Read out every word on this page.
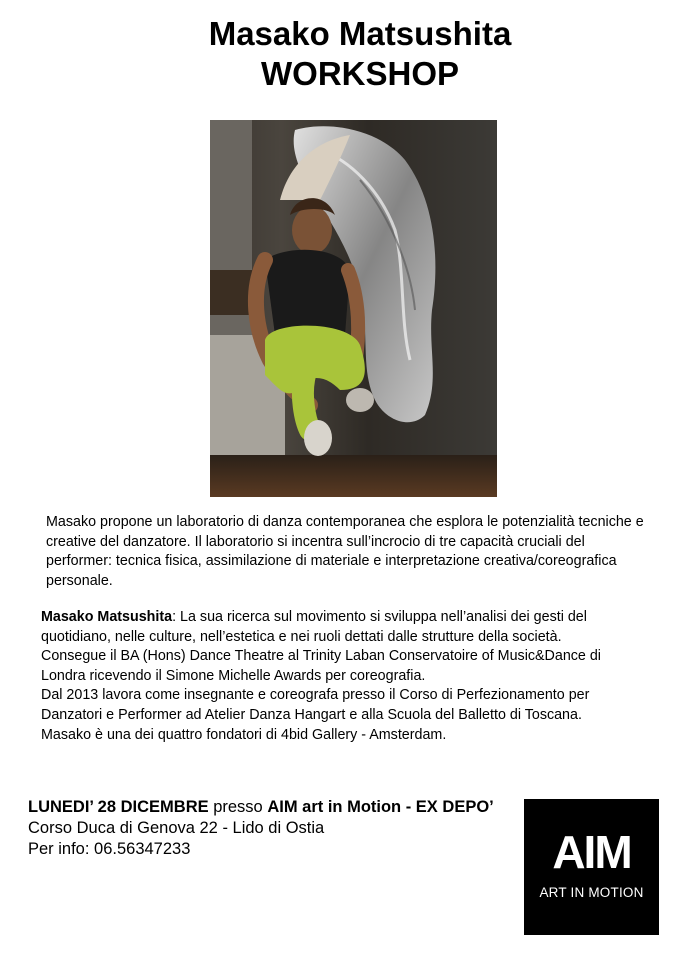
Masako Matsushita
WORKSHOP
Masako propone un laboratorio di danza contemporanea che esplora le potenzialità tecniche e creative del danzatore. Il laboratorio si incentra sull’incrocio di tre capacità cruciali del performer: tecnica fisica, assimilazione di materiale e interpretazione creativa/coreografica personale.
Masako Matsushita: La sua ricerca sul movimento si sviluppa nell’analisi dei gesti del
quotidiano, nelle culture, nell’estetica e nei ruoli dettati dalle strutture della società.
Consegue il BA (Hons) Dance Theatre al Trinity Laban Conservatoire of Music&Dance di
Londra ricevendo il Simone Michelle Awards per coreografia.
Dal 2013 lavora come insegnante e coreografa presso il Corso di Perfezionamento per
Danzatori e Performer ad Atelier Danza Hangart e alla Scuola del Balletto di Toscana.
Masako è una dei quattro fondatori di 4bid Gallery - Amsterdam.
LUNEDI’ 28 DICEMBRE presso AIM art in Motion - EX DEPO’
Corso Duca di Genova 22 - Lido di Ostia
Per info: 06.56347233	AIM
ART IN MOTION
